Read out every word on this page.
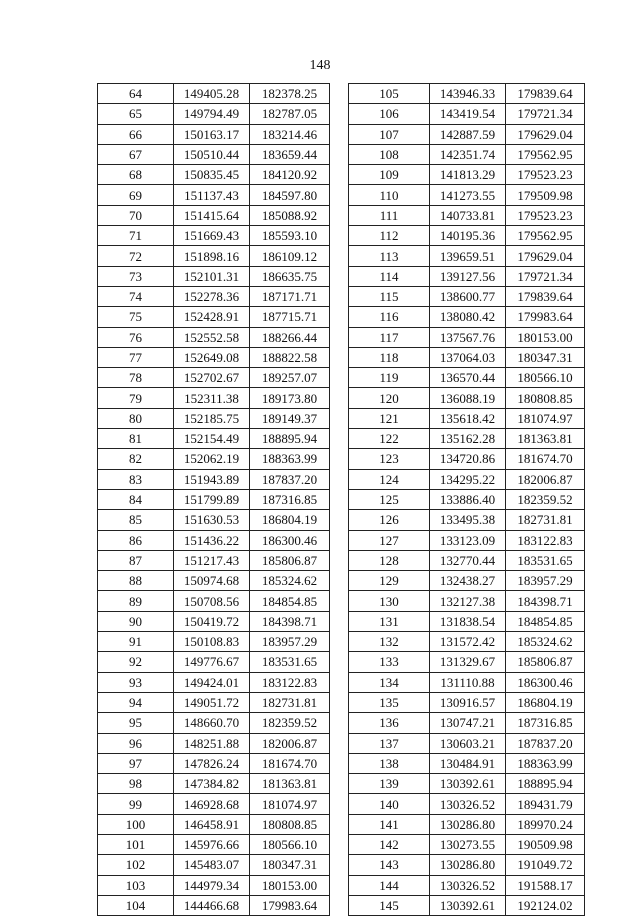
148
64	149405.28	182378.25
65	149794.49	182787.05
66	150163.17	183214.46
67	150510.44	183659.44
68	150835.45	184120.92
69	151137.43	184597.80
70	151415.64	185088.92
71	151669.43	185593.10
72	151898.16	186109.12
73	152101.31	186635.75
74	152278.36	187171.71
75	152428.91	187715.71
76	152552.58	188266.44
77	152649.08	188822.58
78	152702.67	189257.07
79	152311.38	189173.80
80	152185.75	189149.37
81	152154.49	188895.94
82	152062.19	188363.99
83	151943.89	187837.20
84	151799.89	187316.85
85	151630.53	186804.19
86	151436.22	186300.46
87	151217.43	185806.87
88	150974.68	185324.62
89	150708.56	184854.85
90	150419.72	184398.71
91	150108.83	183957.29
92	149776.67	183531.65
93	149424.01	183122.83
94	149051.72	182731.81
95	148660.70	182359.52
96	148251.88	182006.87
97	147826.24	181674.70
98	147384.82	181363.81
99	146928.68	181074.97
100	146458.91	180808.85
101	145976.66	180566.10
102	145483.07	180347.31
103	144979.34	180153.00
104	144466.68	179983.64
105	143946.33	179839.64
106	143419.54	179721.34
107	142887.59	179629.04
108	142351.74	179562.95
109	141813.29	179523.23
110	141273.55	179509.98
111	140733.81	179523.23
112	140195.36	179562.95
113	139659.51	179629.04
114	139127.56	179721.34
115	138600.77	179839.64
116	138080.42	179983.64
117	137567.76	180153.00
118	137064.03	180347.31
119	136570.44	180566.10
120	136088.19	180808.85
121	135618.42	181074.97
122	135162.28	181363.81
123	134720.86	181674.70
124	134295.22	182006.87
125	133886.40	182359.52
126	133495.38	182731.81
127	133123.09	183122.83
128	132770.44	183531.65
129	132438.27	183957.29
130	132127.38	184398.71
131	131838.54	184854.85
132	131572.42	185324.62
133	131329.67	185806.87
134	131110.88	186300.46
135	130916.57	186804.19
136	130747.21	187316.85
137	130603.21	187837.20
138	130484.91	188363.99
139	130392.61	188895.94
140	130326.52	189431.79
141	130286.80	189970.24
142	130273.55	190509.98
143	130286.80	191049.72
144	130326.52	191588.17
145	130392.61	192124.02
